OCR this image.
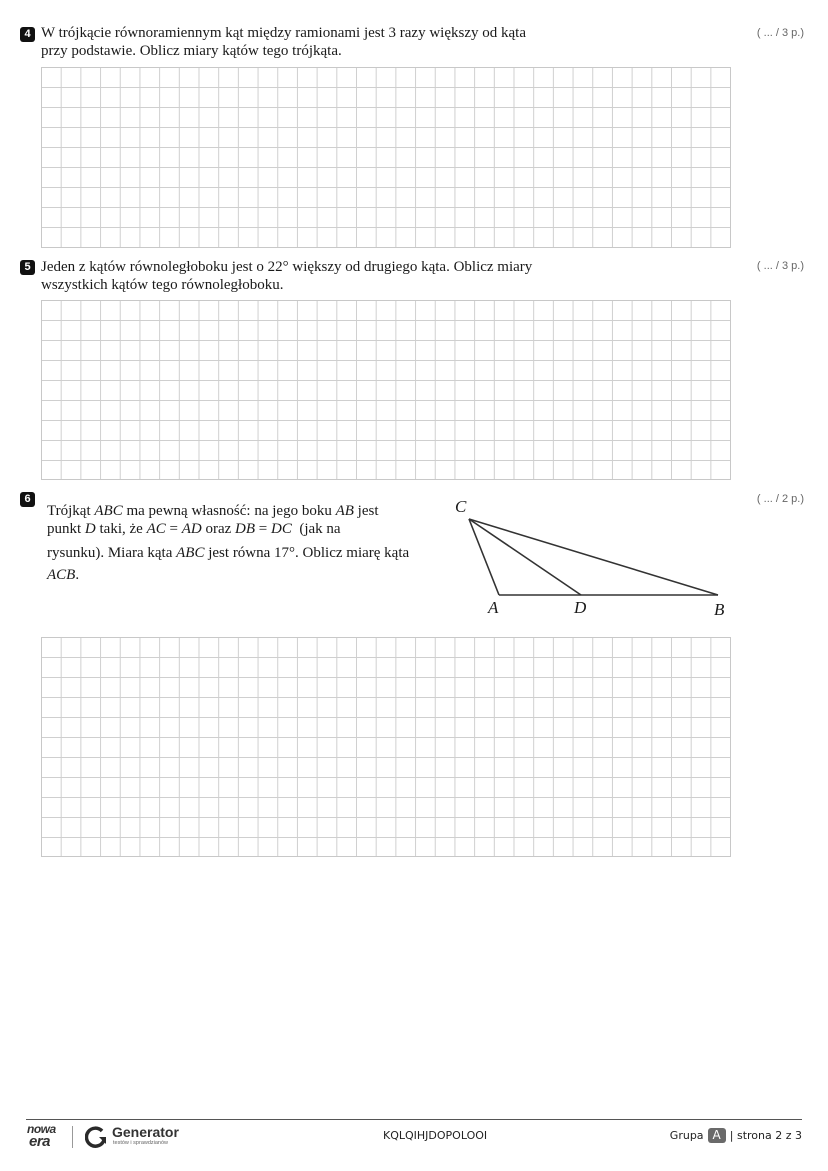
4 W trójkącie równoramiennym kąt między ramionami jest 3 razy większy od kąta
przy podstawie. Oblicz miary kątów tego trójkąta.
( ... / 3 p.)
5 Jeden z kątów równoległoboku jest o 22° większy od drugiego kąta. Oblicz miary
wszystkich kątów tego równoległoboku.
( ... / 3 p.)
6
Trójkąt ABC ma pewną własność: na jego boku AB jest
punkt D taki, że AC = AD oraz DB = DC  (jak na
rysunku). Miara kąta ABC jest równa 17°. Oblicz miarę kąta
ACB.
( ... / 2 p.)
C
A	D	B
nowa
era
Generator
testów i sprawdzianów
KQLQIHJDOPOLOOI	Grupa A | strona 2 z 3
